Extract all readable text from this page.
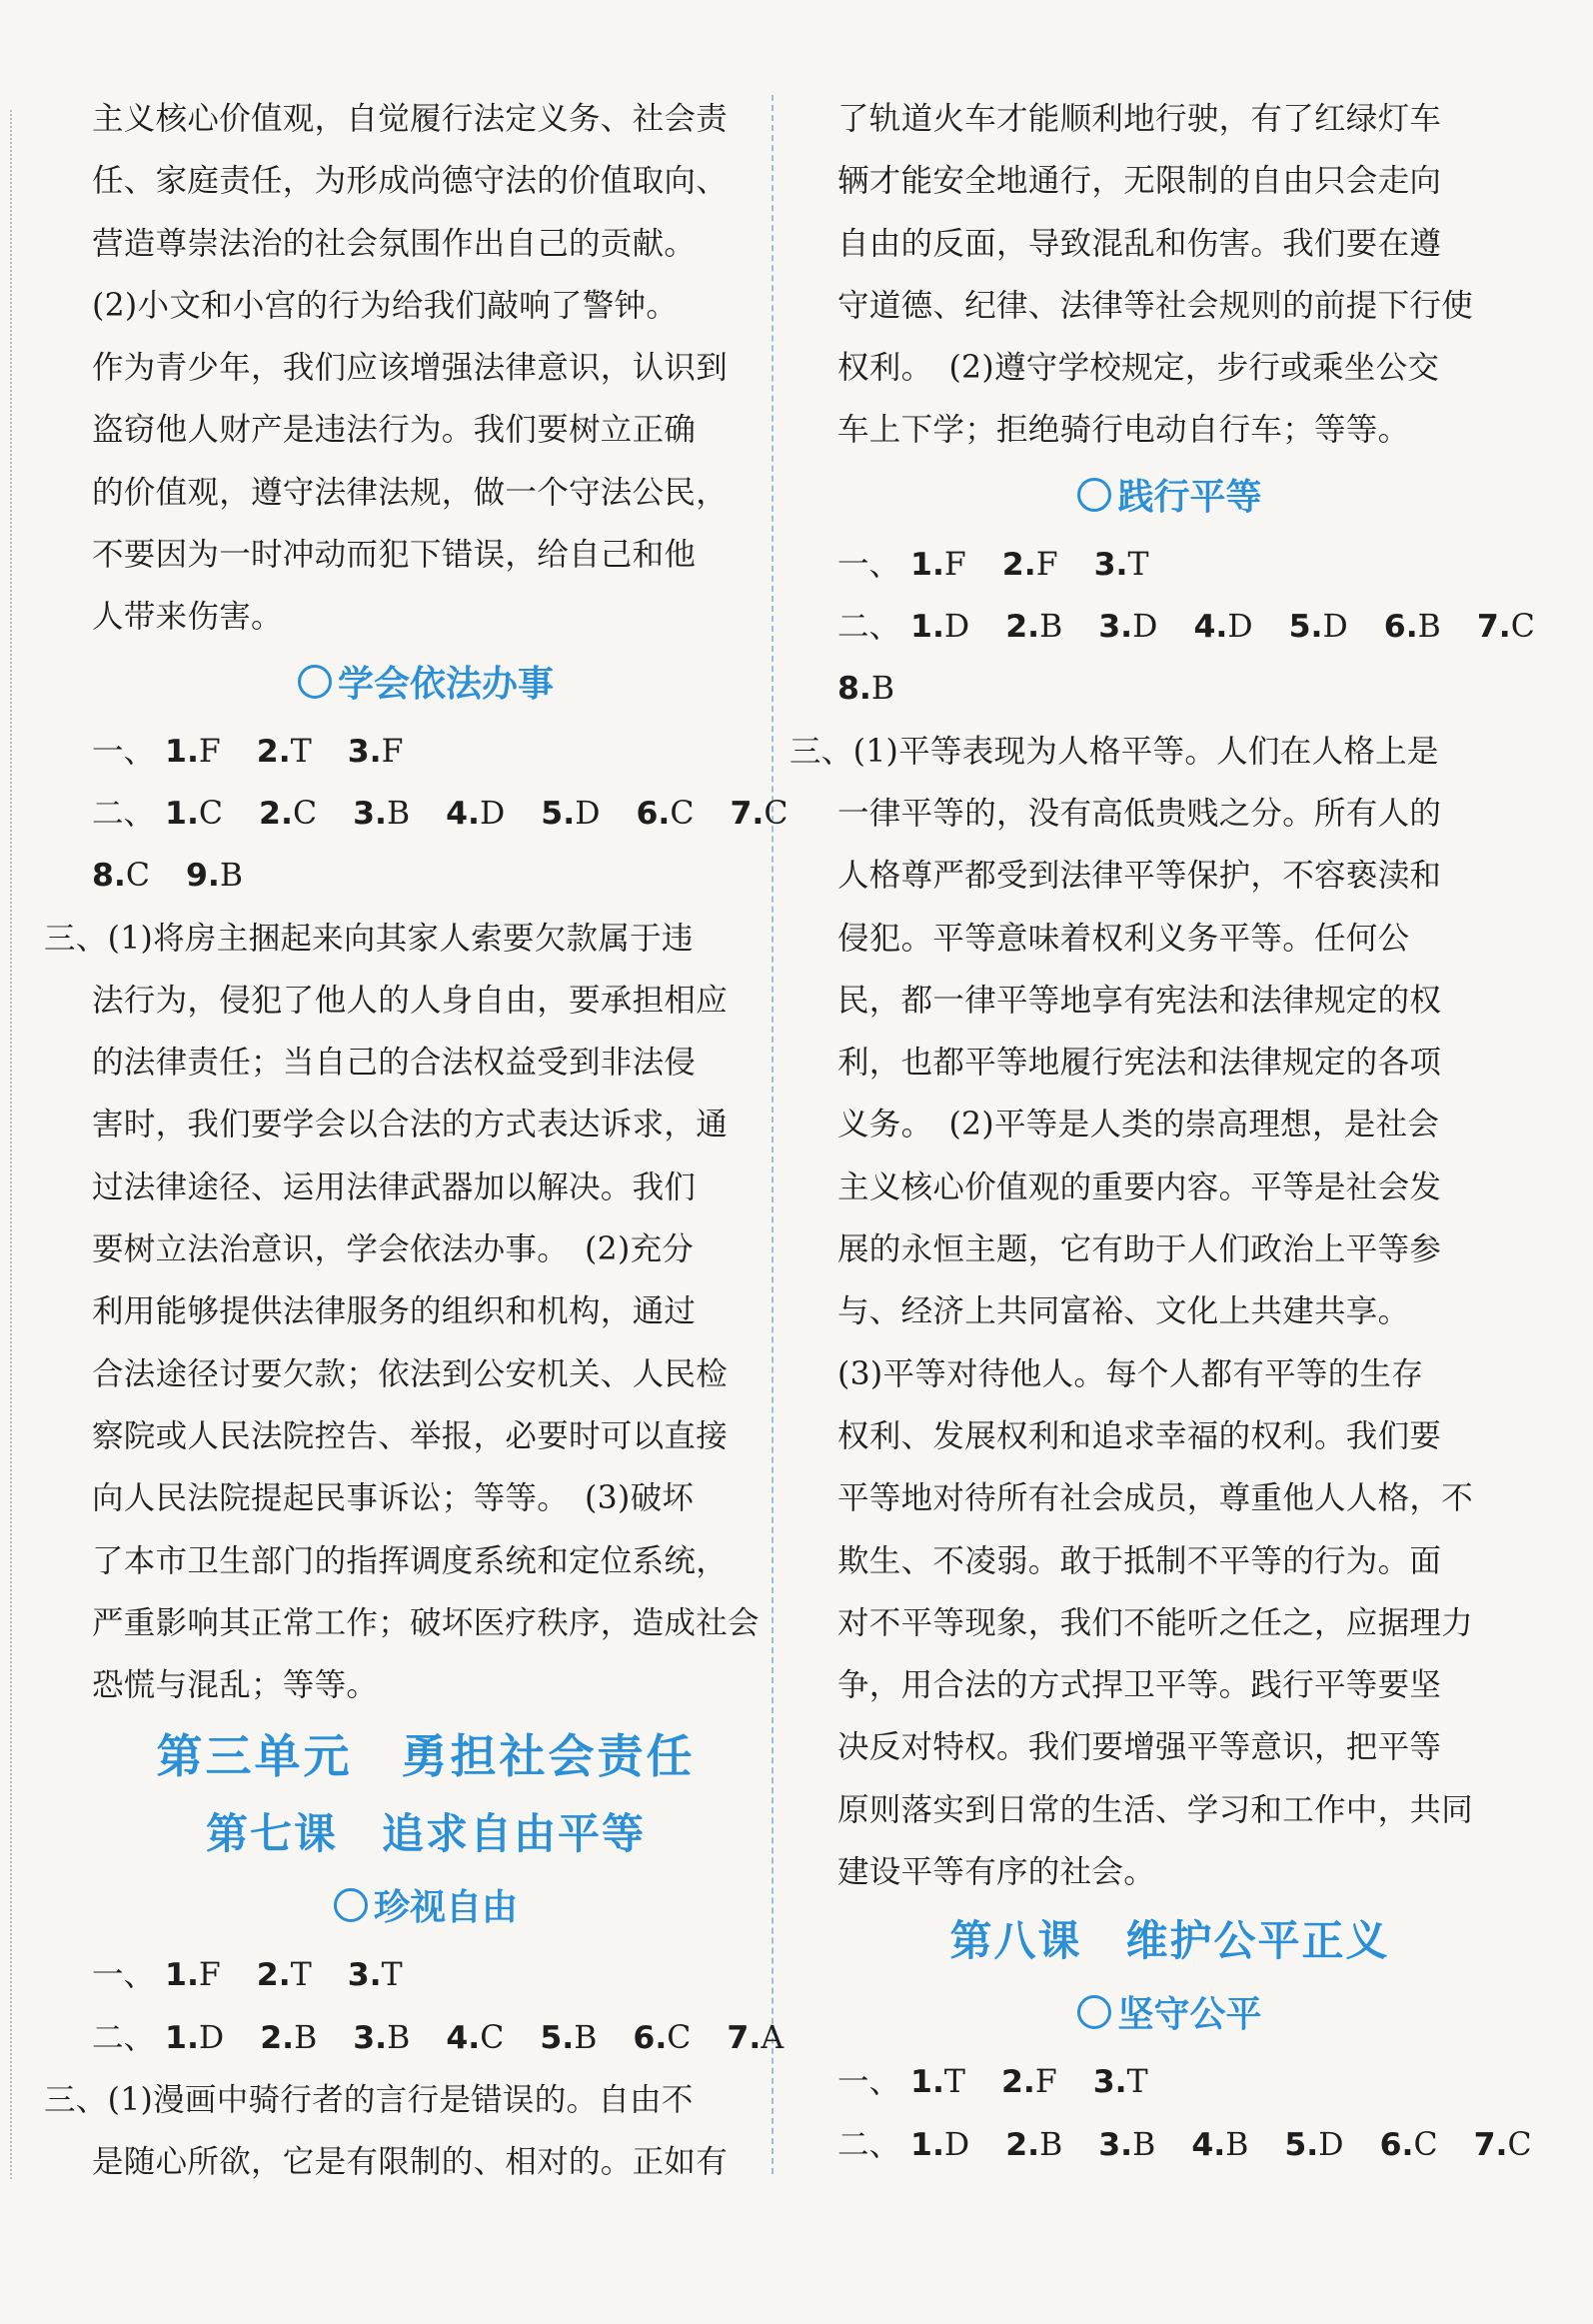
主义核心价值观，自觉履行法定义务、社会责
任、家庭责任，为形成尚德守法的价值取向、
营造尊崇法治的社会氛围作出自己的贡献。
(2)小文和小宫的行为给我们敲响了警钟。
作为青少年，我们应该增强法律意识，认识到
盗窃他人财产是违法行为。我们要树立正确
的价值观，遵守法律法规，做一个守法公民，
不要因为一时冲动而犯下错误，给自己和他
人带来伤害。
学会依法办事
一、 1.F 2.T 3.F
二、 1.C 2.C 3.B 4.D 5.D 6.C 7.C
8.C 9.B
三、(1)将房主捆起来向其家人索要欠款属于违
法行为，侵犯了他人的人身自由，要承担相应
的法律责任；当自己的合法权益受到非法侵
害时，我们要学会以合法的方式表达诉求，通
过法律途径、运用法律武器加以解决。我们
要树立法治意识，学会依法办事。　(2)充分
利用能够提供法律服务的组织和机构，通过
合法途径讨要欠款；依法到公安机关、人民检
察院或人民法院控告、举报，必要时可以直接
向人民法院提起民事诉讼；等等。　(3)破坏
了本市卫生部门的指挥调度系统和定位系统，
严重影响其正常工作；破坏医疗秩序，造成社会
恐慌与混乱；等等。
第三单元　勇担社会责任
第七课　追求自由平等
珍视自由
一、 1.F 2.T 3.T
二、 1.D 2.B 3.B 4.C 5.B 6.C 7.A
三、(1)漫画中骑行者的言行是错误的。自由不
是随心所欲，它是有限制的、相对的。正如有
了轨道火车才能顺利地行驶，有了红绿灯车
辆才能安全地通行，无限制的自由只会走向
自由的反面，导致混乱和伤害。我们要在遵
守道德、纪律、法律等社会规则的前提下行使
权利。　(2)遵守学校规定，步行或乘坐公交
车上下学；拒绝骑行电动自行车；等等。
践行平等
一、 1.F 2.F 3.T
二、 1.D 2.B 3.D 4.D 5.D 6.B 7.C
8.B
三、(1)平等表现为人格平等。人们在人格上是
一律平等的，没有高低贵贱之分。所有人的
人格尊严都受到法律平等保护，不容亵渎和
侵犯。平等意味着权利义务平等。任何公
民，都一律平等地享有宪法和法律规定的权
利，也都平等地履行宪法和法律规定的各项
义务。　(2)平等是人类的崇高理想，是社会
主义核心价值观的重要内容。平等是社会发
展的永恒主题，它有助于人们政治上平等参
与、经济上共同富裕、文化上共建共享。
(3)平等对待他人。每个人都有平等的生存
权利、发展权利和追求幸福的权利。我们要
平等地对待所有社会成员，尊重他人人格，不
欺生、不凌弱。敢于抵制不平等的行为。面
对不平等现象，我们不能听之任之，应据理力
争，用合法的方式捍卫平等。践行平等要坚
决反对特权。我们要增强平等意识，把平等
原则落实到日常的生活、学习和工作中，共同
建设平等有序的社会。
第八课　维护公平正义
坚守公平
一、 1.T 2.F 3.T
二、 1.D 2.B 3.B 4.B 5.D 6.C 7.C
